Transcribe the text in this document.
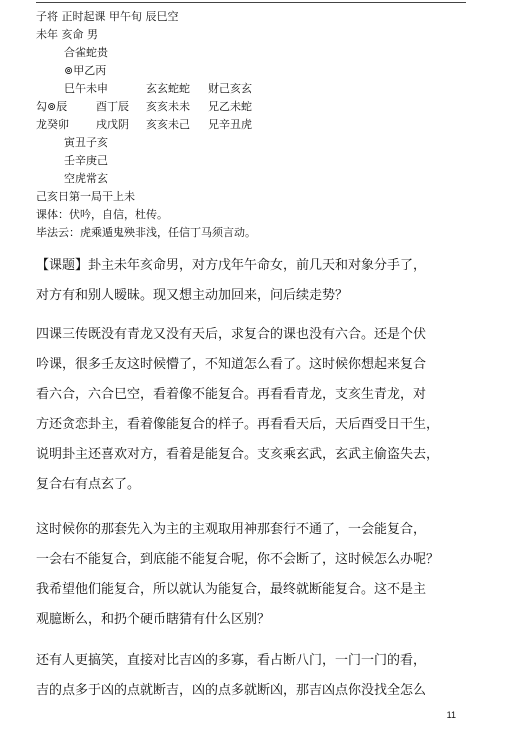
子将 正时起课 甲午旬 辰巳空
未年 亥命 男
合雀蛇贵
⊚甲乙丙
巳午未申	玄玄蛇蛇 财己亥玄
勾⊚辰	酉丁辰 亥亥未未 兄乙未蛇
龙癸卯 戌戊阴 亥亥未己 兄辛丑虎
寅丑子亥
壬辛庚己
空虎常玄
己亥日第一局干上未
课体：伏吟，自信，杜传。
毕法云：虎乘遁鬼殃非浅，任信丁马须言动。

【课题】卦主未年亥命男，对方戊年午命女，前几天和对象分手了，

对方有和别人暧昧。现又想主动加回来，问后续走势？

四课三传既没有青龙又没有天后，求复合的课也没有六合。还是个伏

吟课，很多壬友这时候懵了，不知道怎么看了。这时候你想起来复合

看六合，六合巳空，看着像不能复合。再看看青龙，支亥生青龙，对

方还贪恋卦主，看着像能复合的样子。再看看天后，天后酉受日干生，

说明卦主还喜欢对方，看着是能复合。支亥乘玄武，玄武主偷盗失去，

复合右有点玄了。

这时候你的那套先入为主的主观取用神那套行不通了，一会能复合，

一会右不能复合，到底能不能复合呢，你不会断了，这时候怎么办呢？

我希望他们能复合，所以就认为能复合，最终就断能复合。这不是主

观臆断么，和扔个硬币瞎猜有什么区别？

还有人更搞笑，直接对比吉凶的多寡，看占断八门，一门一门的看，

吉的点多于凶的点就断吉，凶的点多就断凶，那吉凶点你没找全怎么

11
